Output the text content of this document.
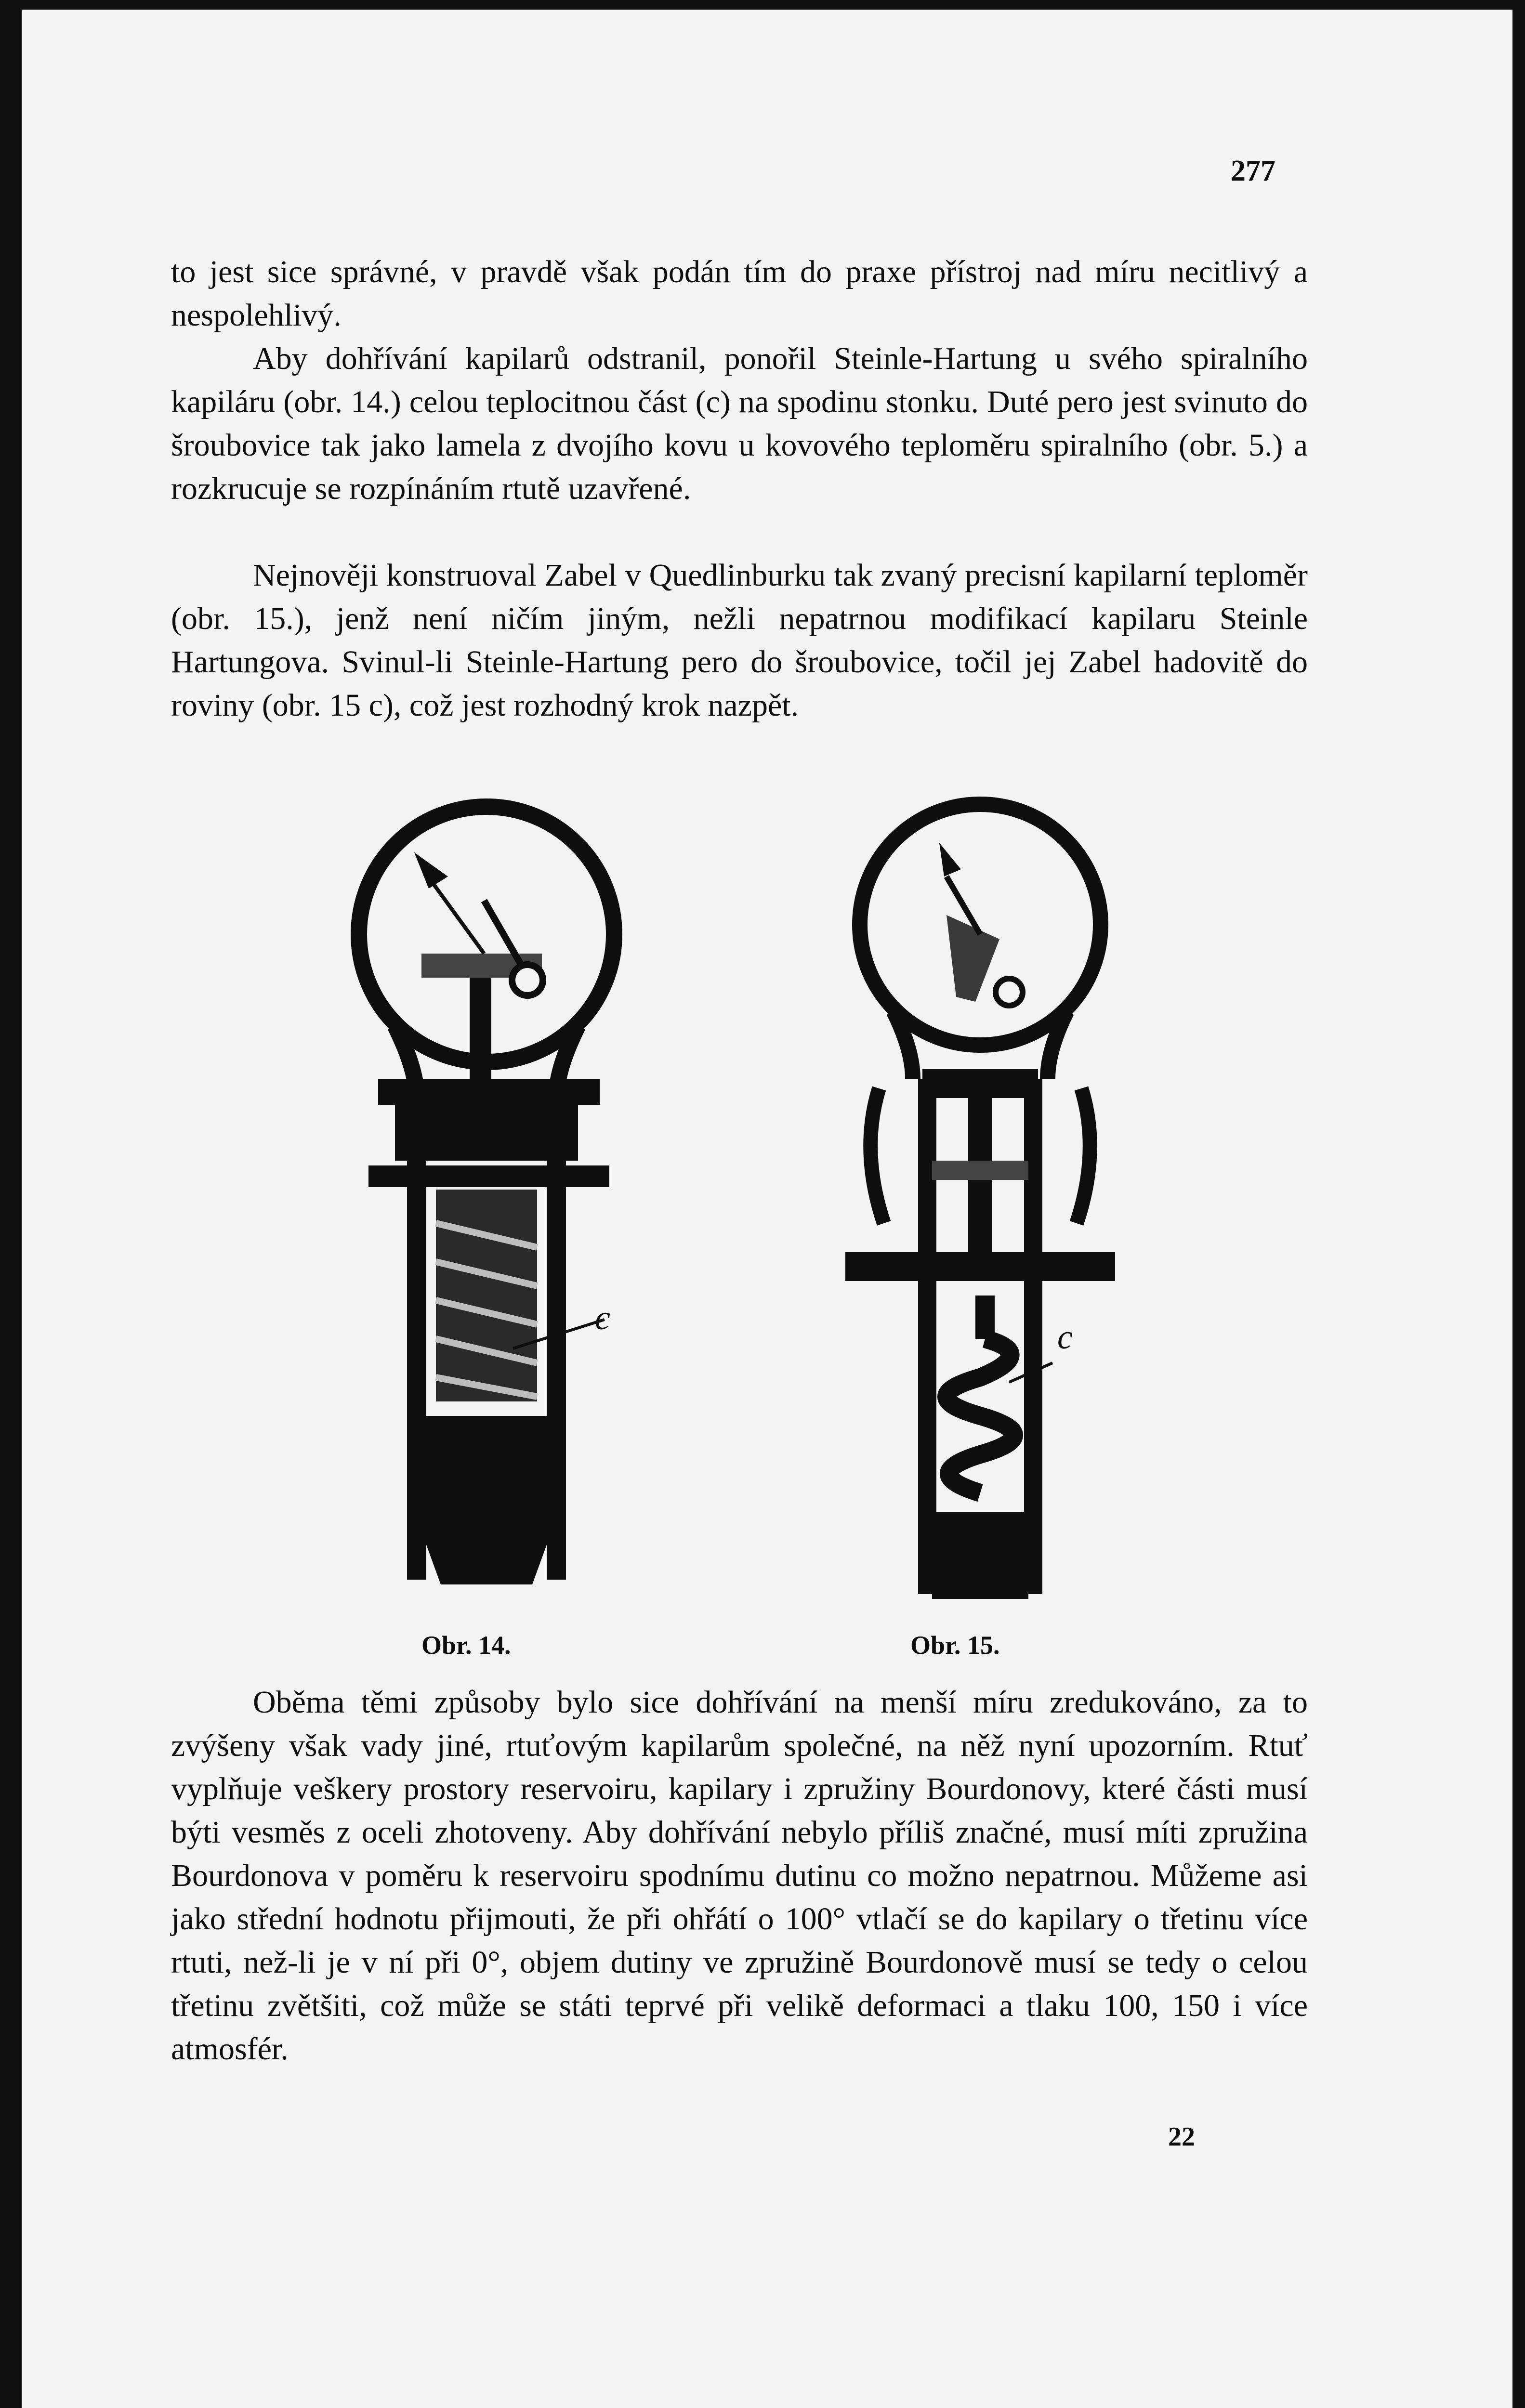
277

to jest sice správné, v pravdě však podán tím do praxe přístroj nad míru necitlivý a nespolehlivý.

Aby dohřívání kapilarů odstranil, ponořil Steinle-Hartung u svého spiralního kapiláru (obr. 14.) celou teplocitnou část (c) na spodinu stonku. Duté pero jest svinuto do šroubovice tak jako lamela z dvojího kovu u kovového teploměru spiralního (obr. 5.) a rozkrucuje se rozpínáním rtutě uzavřené.

Nejnověji konstruoval Zabel v Quedlinburku tak zvaný precisní kapilarní teploměr (obr. 15.), jenž není ničím jiným, nežli nepatrnou modifikací kapilaru Steinle Hartungova. Svinul-li Steinle-Hartung pero do šroubovice, točil jej Zabel hadovitě do roviny (obr. 15 c), což jest rozhodný krok nazpět.

c
Obr. 14.
c
Obr. 15.

Oběma těmi způsoby bylo sice dohřívání na menší míru zredukováno, za to zvýšeny však vady jiné, rtuťovým kapilarům společné, na něž nyní upozorním. Rtuť vyplňuje veškery prostory reservoiru, kapilary i zpružiny Bourdonovy, které části musí býti vesměs z oceli zhotoveny. Aby dohřívání nebylo příliš značné, musí míti zpružina Bourdonova v poměru k reservoiru spodnímu dutinu co možno nepatrnou. Můžeme asi jako střední hodnotu přijmouti, že při ohřátí o 100° vtlačí se do kapilary o třetinu více rtuti, než-li je v ní při 0°, objem dutiny ve zpružině Bourdonově musí se tedy o celou třetinu zvětšiti, což může se státi teprvé při velikě deformaci a tlaku 100, 150 i více atmosfér.

22
